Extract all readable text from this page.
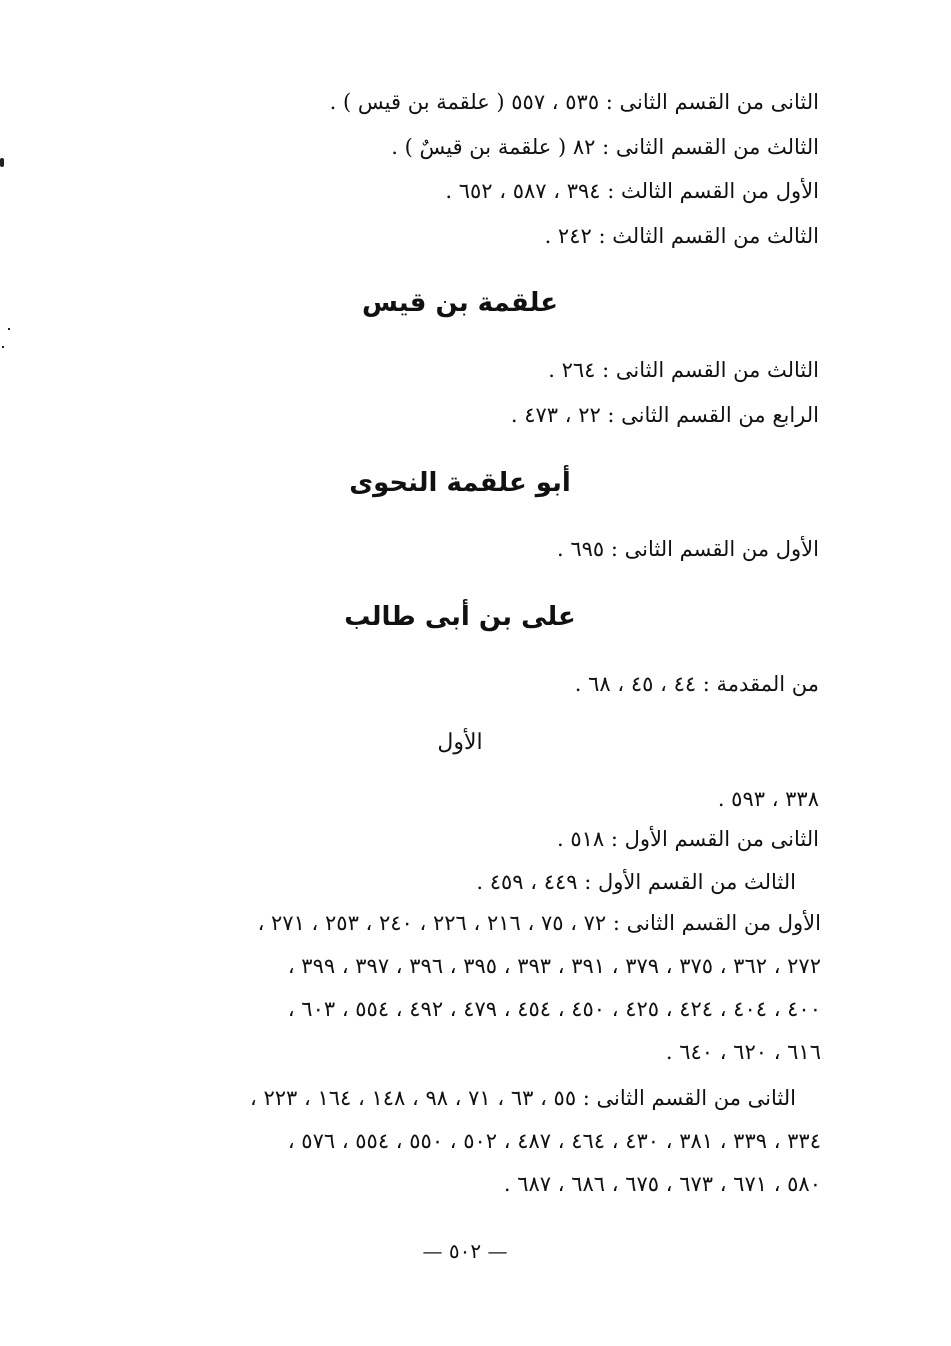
الثانى من القسم الثانى : ٥٣٥ ، ٥٥٧ ( علقمة بن قيس ) .
الثالث من القسم الثانى : ٨٢ ( علقمة بن قيسٌ ) .
الأول من القسم الثالث : ٣٩٤ ، ٥٨٧ ، ٦٥٢ .
الثالث من القسم الثالث : ٢٤٢ .
علقمة بن قيس
الثالث من القسم الثانى : ٢٦٤ .
الرابع من القسم الثانى : ٢٢ ، ٤٧٣ .
أبو علقمة النحوى
الأول من القسم الثانى : ٦٩٥ .
على بن أبى طالب
من المقدمة : ٤٤ ، ٤٥ ، ٦٨ .
الأول
٣٣٨ ، ٥٩٣ .
الثانى من القسم الأول : ٥١٨ .
الثالث من القسم الأول : ٤٤٩ ، ٤٥٩ .
الأول من القسم الثانى : ٧٢ ، ٧٥ ، ٢١٦ ، ٢٢٦ ، ٢٤٠ ، ٢٥٣ ، ٢٧١ ،
٢٧٢ ، ٣٦٢ ، ٣٧٥ ، ٣٧٩ ، ٣٩١ ، ٣٩٣ ، ٣٩٥ ، ٣٩٦ ، ٣٩٧ ، ٣٩٩ ،
٤٠٠ ، ٤٠٤ ، ٤٢٤ ، ٤٢٥ ، ٤٥٠ ، ٤٥٤ ، ٤٧٩ ، ٤٩٢ ، ٥٥٤ ، ٦٠٣ ،
٦١٦ ، ٦٢٠ ، ٦٤٠ .
الثانى من القسم الثانى : ٥٥ ، ٦٣ ، ٧١ ، ٩٨ ، ١٤٨ ، ١٦٤ ، ٢٢٣ ،
٣٣٤ ، ٣٣٩ ، ٣٨١ ، ٤٣٠ ، ٤٦٤ ، ٤٨٧ ، ٥٠٢ ، ٥٥٠ ، ٥٥٤ ، ٥٧٦ ،
٥٨٠ ، ٦٧١ ، ٦٧٣ ، ٦٧٥ ، ٦٨٦ ، ٦٨٧ .
— ٥٠٢ —
